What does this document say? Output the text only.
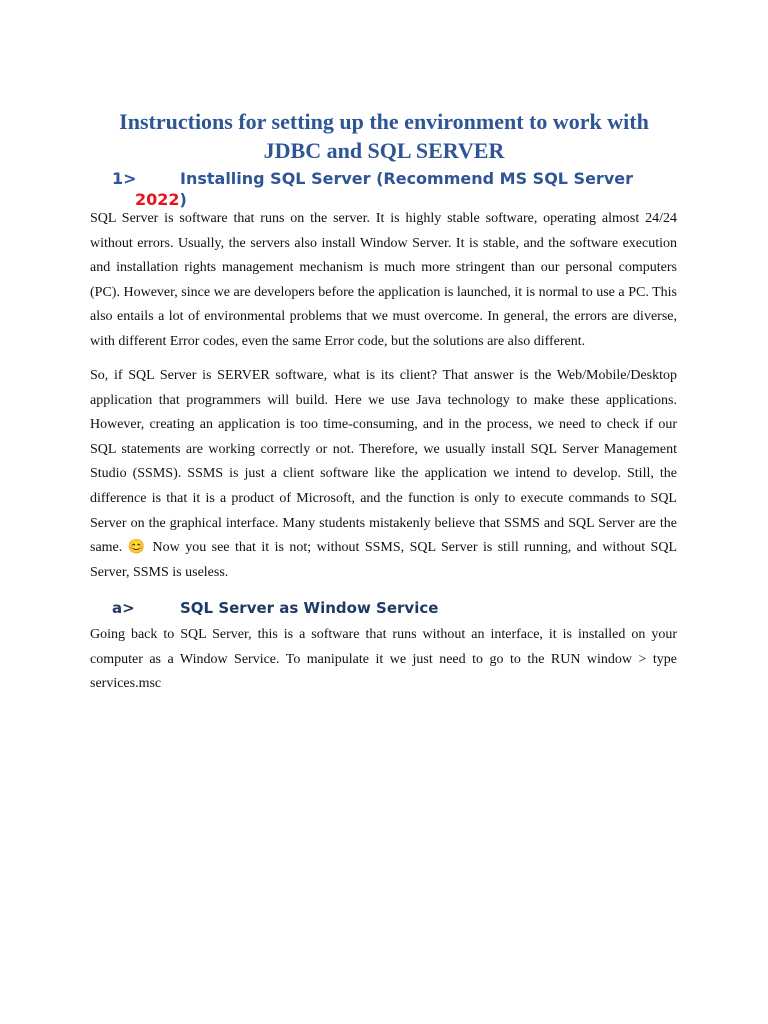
Instructions for setting up the environment to work with JDBC and SQL SERVER
1>	Installing SQL Server (Recommend MS SQL Server
2022)

SQL Server is software that runs on the server. It is highly stable software, operating almost 24/24 without errors. Usually, the servers also install Window Server. It is stable, and the software execution and installation rights management mechanism is much more stringent than our personal computers (PC). However, since we are developers before the application is launched, it is normal to use a PC. This also entails a lot of environmental problems that we must overcome. In general, the errors are diverse, with different Error codes, even the same Error code, but the solutions are also different.

So, if SQL Server is SERVER software, what is its client? That answer is the Web/Mobile/Desktop application that programmers will build. Here we use Java technology to make these applications. However, creating an application is too time-consuming, and in the process, we need to check if our SQL statements are working correctly or not. Therefore, we usually install SQL Server Management Studio (SSMS). SSMS is just a client software like the application we intend to develop. Still, the difference is that it is a product of Microsoft, and the function is only to execute commands to SQL Server on the graphical interface. Many students mistakenly believe that SSMS and SQL Server are the same. 😊 Now you see that it is not; without SSMS, SQL Server is still running, and without SQL Server, SSMS is useless.

a>	SQL Server as Window Service

Going back to SQL Server, this is a software that runs without an interface, it is installed on your computer as a Window Service. To manipulate it we just need to go to the RUN window > type services.msc
